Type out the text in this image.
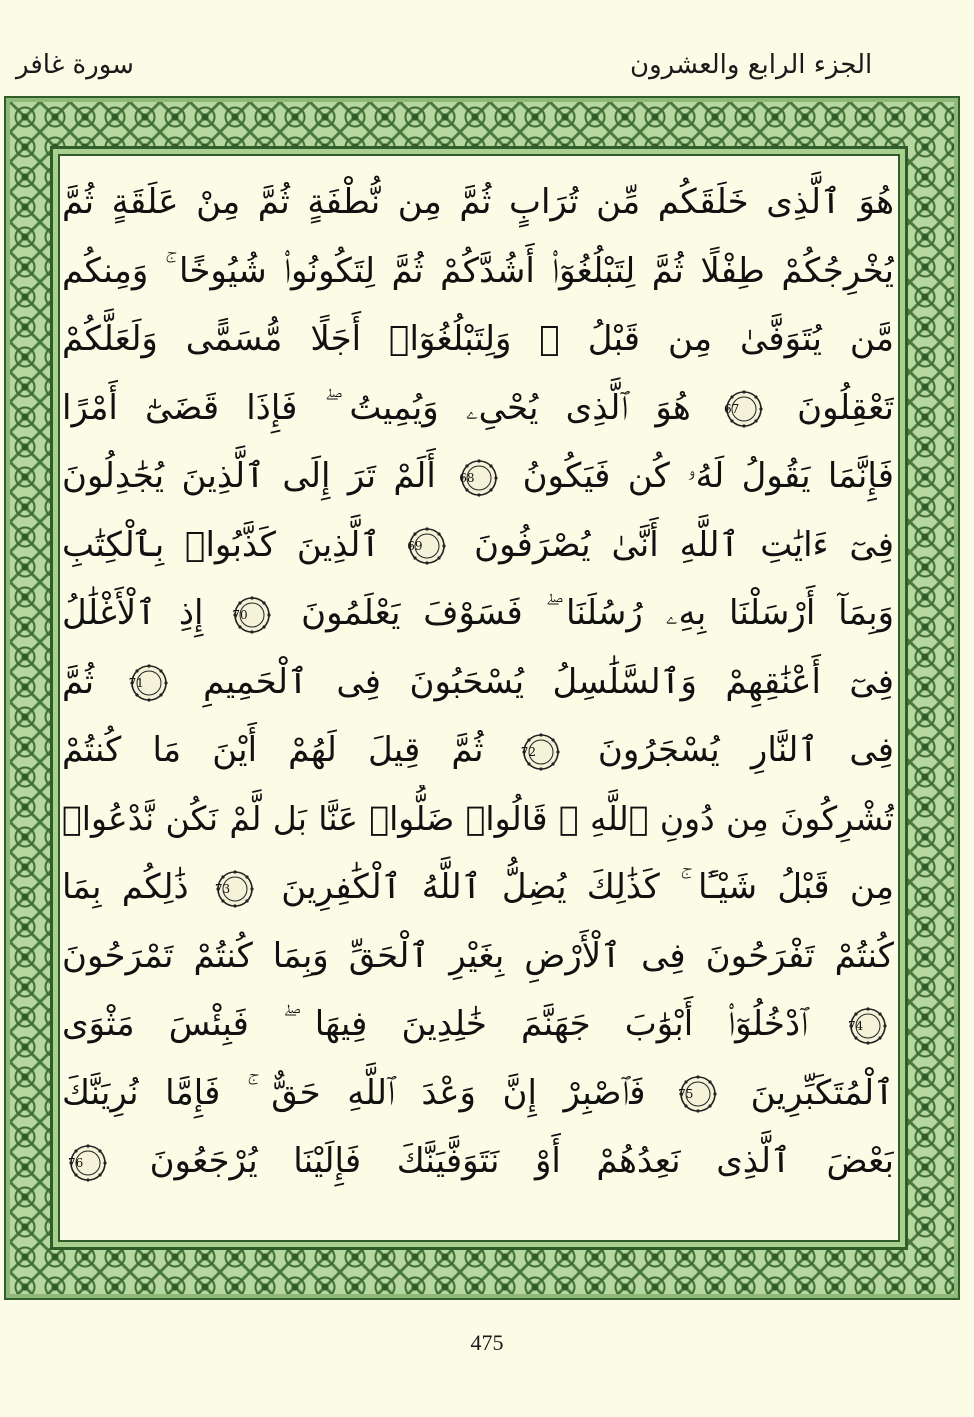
الجزء الرابع والعشرون
سورة غافر
هُوَ ٱلَّذِى خَلَقَكُم مِّن تُرَابٍ ثُمَّ مِن نُّطْفَةٍ ثُمَّ مِنْ عَلَقَةٍ ثُمَّ
يُخْرِجُكُمْ طِفْلًا ثُمَّ لِتَبْلُغُوٓا۟ أَشُدَّكُمْ ثُمَّ لِتَكُونُوا۟ شُيُوخًا ۚ وَمِنكُم
مَّن يُتَوَفَّىٰ مِن قَبْلُ ۖ وَلِتَبْلُغُوٓا۟ أَجَلًا مُّسَمًّى وَلَعَلَّكُمْ
تَعْقِلُونَ
67
هُوَ ٱلَّذِى يُحْىِۦ وَيُمِيتُ ۖ فَإِذَا قَضَىٰٓ أَمْرًا
فَإِنَّمَا يَقُولُ لَهُۥ كُن فَيَكُونُ
68
أَلَمْ تَرَ إِلَى ٱلَّذِينَ يُجَٰدِلُونَ
فِىٓ ءَايَٰتِ ٱللَّهِ أَنَّىٰ يُصْرَفُونَ
69
ٱلَّذِينَ كَذَّبُوا۟ بِٱلْكِتَٰبِ
وَبِمَآ أَرْسَلْنَا بِهِۦ رُسُلَنَا ۖ فَسَوْفَ يَعْلَمُونَ
70
إِذِ ٱلْأَغْلَٰلُ
فِىٓ أَعْنَٰقِهِمْ وَٱلسَّلَٰسِلُ يُسْحَبُونَ فِى ٱلْحَمِيمِ
71
ثُمَّ
فِى ٱلنَّارِ يُسْجَرُونَ
72
ثُمَّ قِيلَ لَهُمْ أَيْنَ مَا كُنتُمْ
تُشْرِكُونَ مِن دُونِ ٱللَّهِ ۖ قَالُوا۟ ضَلُّوا۟ عَنَّا بَل لَّمْ نَكُن نَّدْعُوا۟
مِن قَبْلُ شَيْـًٔا ۚ كَذَٰلِكَ يُضِلُّ ٱللَّهُ ٱلْكَٰفِرِينَ
73
ذَٰلِكُم بِمَا
كُنتُمْ تَفْرَحُونَ فِى ٱلْأَرْضِ بِغَيْرِ ٱلْحَقِّ وَبِمَا كُنتُمْ تَمْرَحُونَ
74
ٱدْخُلُوٓا۟ أَبْوَٰبَ جَهَنَّمَ خَٰلِدِينَ فِيهَا ۖ فَبِئْسَ مَثْوَى
ٱلْمُتَكَبِّرِينَ
75
فَٱصْبِرْ إِنَّ وَعْدَ ٱللَّهِ حَقٌّ ۚ فَإِمَّا نُرِيَنَّكَ
بَعْضَ ٱلَّذِى نَعِدُهُمْ أَوْ نَتَوَفَّيَنَّكَ فَإِلَيْنَا يُرْجَعُونَ
76
475
